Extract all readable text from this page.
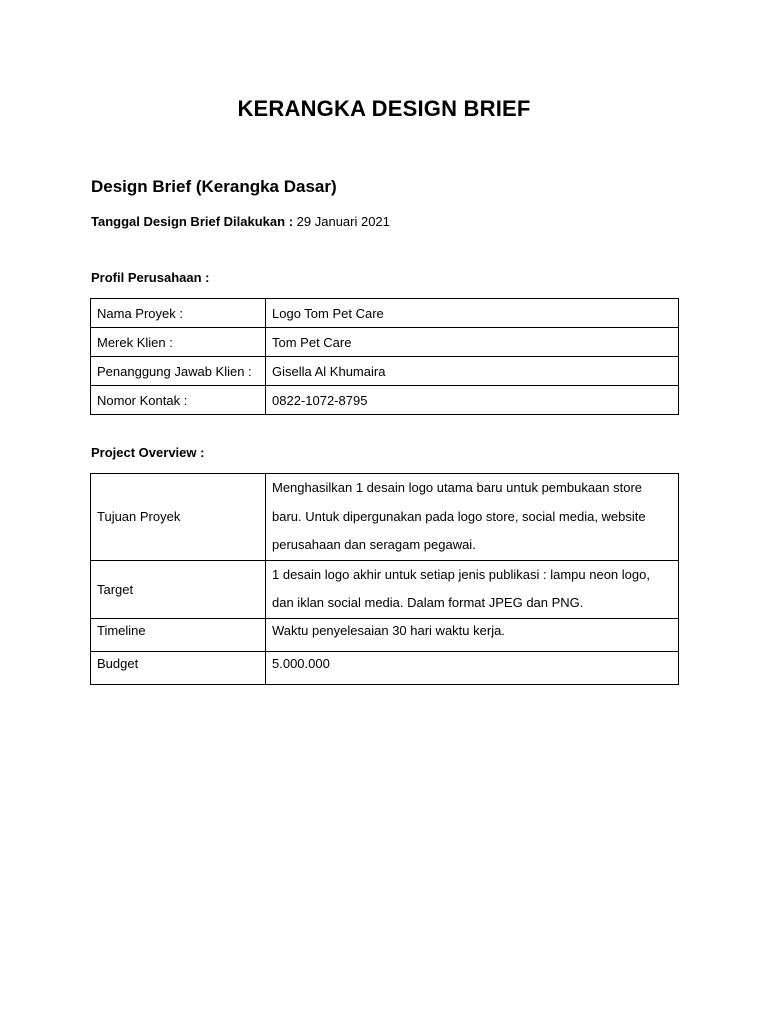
KERANGKA DESIGN BRIEF
Design Brief (Kerangka Dasar)
Tanggal Design Brief Dilakukan : 29 Januari 2021
Profil Perusahaan :
Nama Proyek :	Logo Tom Pet Care
Merek Klien :	Tom Pet Care
Penanggung Jawab Klien :	Gisella Al Khumaira
Nomor Kontak :	0822-1072-8795
Project Overview :
Tujuan Proyek	Menghasilkan 1 desain logo utama baru untuk pembukaan store baru. Untuk dipergunakan pada logo store, social media, website perusahaan dan seragam pegawai.
Target	1 desain logo akhir untuk setiap jenis publikasi : lampu neon logo, dan iklan social media. Dalam format JPEG dan PNG.
Timeline	Waktu penyelesaian 30 hari waktu kerja.
Budget	5.000.000
